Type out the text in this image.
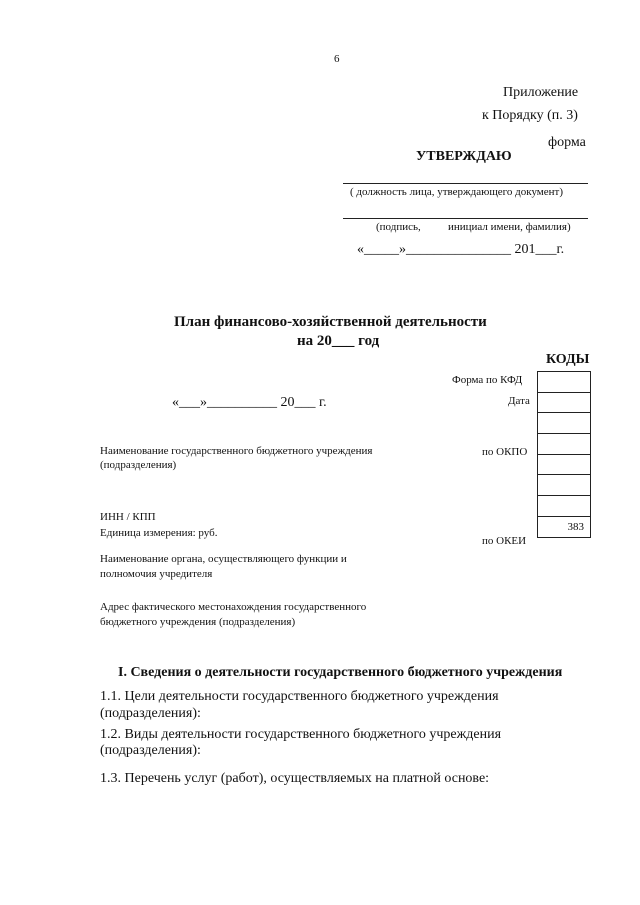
6
Приложение
к Порядку (п. 3)
форма
УТВЕРЖДАЮ
( должность лица, утверждающего документ)
(подпись, инициал имени, фамилия)
«_____»_______________ 201___г.
План финансово-хозяйственной деятельности
на 20___ год
КОДЫ
Форма по КФД
Дата
по ОКПО
по ОКЕИ
383
«___»__________ 20___ г.
Наименование государственного бюджетного учреждения
(подразделения)
ИНН / КПП
Единица измерения: руб.
Наименование органа, осуществляющего функции и
полномочия учредителя
Адрес фактического местонахождения государственного
бюджетного учреждения (подразделения)
I. Сведения о деятельности государственного бюджетного учреждения
1.1. Цели деятельности государственного бюджетного учреждения
(подразделения):
1.2. Виды деятельности государственного бюджетного учреждения
(подразделения):
1.3. Перечень услуг (работ), осуществляемых на платной основе:
